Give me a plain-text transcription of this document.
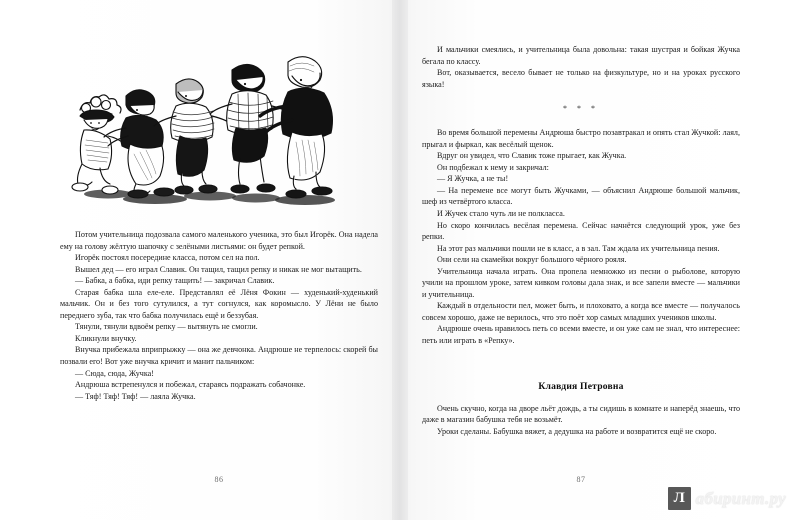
Потом учительница подозвала самого маленького ученика, это был Игорёк. Она надела ему на голову жёлтую шапочку с зелёными листьями: он будет репкой.

Игорёк постоял посередине класса, потом сел на пол.

Вышел дед — его играл Славик. Он тащил, тащил репку и никак не мог вытащить.

— Бабка, а бабка, иди репку тащить! — закричал Славик.

Старая бабка шла еле-еле. Представлял её Лёня Фокин — худенький-худенький мальчик. Он и без того сутулился, а тут согнулся, как коромысло. У Лёни не было переднего зуба, так что бабка получилась ещё и беззубая.

Тянули, тянули вдвоём репку — вытянуть не смогли.

Кликнули внучку.

Внучка прибежала вприпрыжку — она же девчонка. Андрюше не терпелось: скорей бы позвали его! Вот уже внучка кричит и манит пальчиком:

— Сюда, сюда, Жучка!

Андрюша встрепенулся и побежал, стараясь подражать собачонке.

— Тяф! Тяф! Тяф! — лаяла Жучка.

86

И мальчики смеялись, и учительница была довольна: такая шустрая и бойкая Жучка бегала по классу.

Вот, оказывается, весело бывает не только на физкультуре, но и на уроках русского языка!

* * *

Во время большой перемены Андрюша быстро позавтракал и опять стал Жучкой: лаял, прыгал и фыркал, как весёлый щенок.

Вдруг он увидел, что Славик тоже прыгает, как Жучка.

Он подбежал к нему и закричал:

— Я Жучка, а не ты!

— На перемене все могут быть Жучками, — объяснил Андрюше большой мальчик, шеф из четвёртого класса.

И Жучек стало чуть ли не полкласса.

Но скоро кончилась весёлая перемена. Сейчас начнётся следующий урок, уже без репки.

На этот раз мальчики пошли не в класс, а в зал. Там ждала их учительница пения.

Они сели на скамейки вокруг большого чёрного рояля.

Учительница начала играть. Она пропела немножко из песни о рыболове, которую учили на прошлом уроке, затем кивком головы дала знак, и все запели вместе — мальчики и учительница.

Каждый в отдельности пел, может быть, и плоховато, а когда все вместе — получалось совсем хорошо, даже не верилось, что это поёт хор самых младших учеников школы.

Андрюше очень нравилось петь со всеми вместе, и он уже сам не знал, что интереснее: петь или играть в «Репку».

Клавдия Петровна

Очень скучно, когда на дворе льёт дождь, а ты сидишь в комнате и наперёд знаешь, что даже в магазин бабушка тебя не возьмёт.

Уроки сделаны. Бабушка вяжет, а дедушка на работе и возвратится ещё не скоро.

87
Л абиринт.ру
